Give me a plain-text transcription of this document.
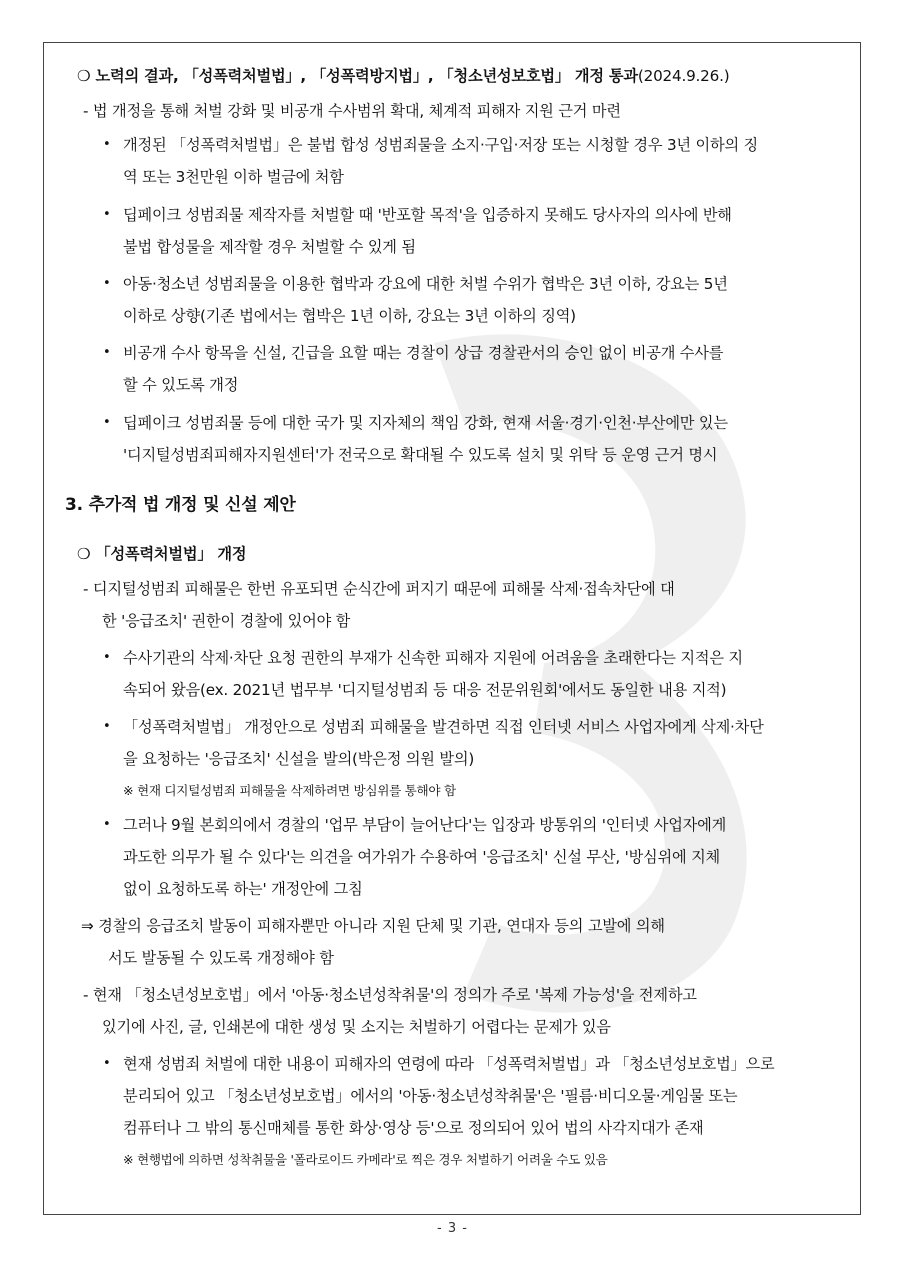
❍ 노력의 결과, 「성폭력처벌법」, 「성폭력방지법」, 「청소년성보호법」 개정 통과(2024.9.26.)
- 법 개정을 통해 처벌 강화 및 비공개 수사범위 확대, 체계적 피해자 지원 근거 마련
• 개정된 「성폭력처벌법」은 불법 합성 성범죄물을 소지·구입·저장 또는 시청할 경우 3년 이하의 징
역 또는 3천만원 이하 벌금에 처함
• 딥페이크 성범죄물 제작자를 처벌할 때 '반포할 목적'을 입증하지 못해도 당사자의 의사에 반해
불법 합성물을 제작할 경우 처벌할 수 있게 됨
• 아동·청소년 성범죄물을 이용한 협박과 강요에 대한 처벌 수위가 협박은 3년 이하, 강요는 5년
이하로 상향(기존 법에서는 협박은 1년 이하, 강요는 3년 이하의 징역)
• 비공개 수사 항목을 신설, 긴급을 요할 때는 경찰이 상급 경찰관서의 승인 없이 비공개 수사를
할 수 있도록 개정
• 딥페이크 성범죄물 등에 대한 국가 및 지자체의 책임 강화, 현재 서울·경기·인천·부산에만 있는
'디지털성범죄피해자지원센터'가 전국으로 확대될 수 있도록 설치 및 위탁 등 운영 근거 명시
3. 추가적 법 개정 및 신설 제안
❍ 「성폭력처벌법」 개정
- 디지털성범죄 피해물은 한번 유포되면 순식간에 퍼지기 때문에 피해물 삭제·접속차단에 대
한 '응급조치' 권한이 경찰에 있어야 함
• 수사기관의 삭제·차단 요청 권한의 부재가 신속한 피해자 지원에 어려움을 초래한다는 지적은 지
속되어 왔음(ex. 2021년 법무부 '디지털성범죄 등 대응 전문위원회'에서도 동일한 내용 지적)
• 「성폭력처벌법」 개정안으로 성범죄 피해물을 발견하면 직접 인터넷 서비스 사업자에게 삭제·차단
을 요청하는 '응급조치' 신설을 발의(박은정 의원 발의)
※ 현재 디지털성범죄 피해물을 삭제하려면 방심위를 통해야 함
• 그러나 9월 본회의에서 경찰의 '업무 부담이 늘어난다'는 입장과 방통위의 '인터넷 사업자에게
과도한 의무가 될 수 있다'는 의견을 여가위가 수용하여 '응급조치' 신설 무산, '방심위에 지체
없이 요청하도록 하는' 개정안에 그침
⇒ 경찰의 응급조치 발동이 피해자뿐만 아니라 지원 단체 및 기관, 연대자 등의 고발에 의해
서도 발동될 수 있도록 개정해야 함
- 현재 「청소년성보호법」에서 '아동·청소년성착취물'의 정의가 주로 '복제 가능성'을 전제하고
있기에 사진, 글, 인쇄본에 대한 생성 및 소지는 처벌하기 어렵다는 문제가 있음
• 현재 성범죄 처벌에 대한 내용이 피해자의 연령에 따라 「성폭력처벌법」과 「청소년성보호법」으로
분리되어 있고 「청소년성보호법」에서의 '아동·청소년성착취물'은 '필름·비디오물·게임물 또는
컴퓨터나 그 밖의 통신매체를 통한 화상·영상 등'으로 정의되어 있어 법의 사각지대가 존재
※ 현행법에 의하면 성착취물을 '폴라로이드 카메라'로 찍은 경우 처벌하기 어려울 수도 있음
- 3 -
